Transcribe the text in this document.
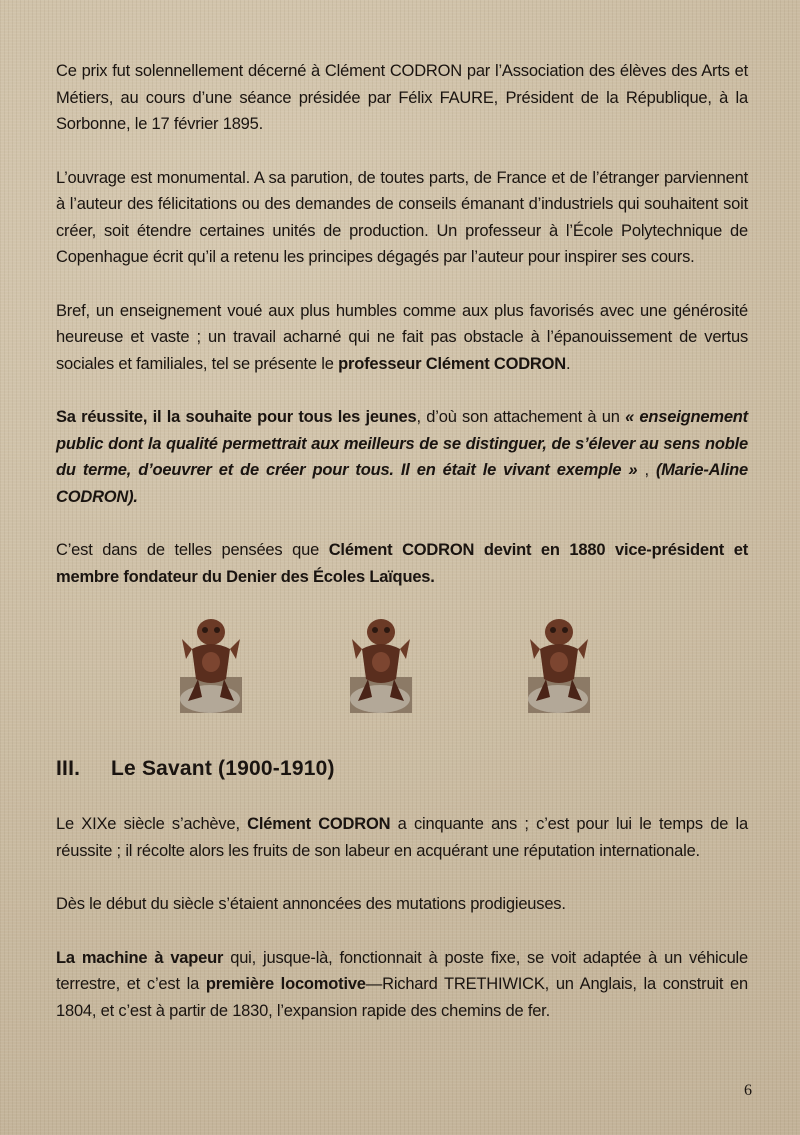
Ce prix fut solennellement décerné à Clément CODRON par l’Association des élèves des Arts et Métiers, au cours d’une séance présidée par Félix FAURE, Président de la République, à la Sorbonne, le 17 février 1895.

L’ouvrage est monumental. A sa parution, de toutes parts, de France et de l’étranger parviennent à l’auteur des félicitations ou des demandes de conseils émanant d’industriels qui souhaitent soit créer, soit étendre certaines unités de production. Un professeur à l’École Polytechnique de Copenhague écrit qu’il a retenu les principes dégagés par l’auteur pour inspirer ses cours.

Bref, un enseignement voué aux plus humbles comme aux plus favorisés avec une générosité heureuse et vaste ; un travail acharné qui ne fait pas obstacle à l’épanouissement de vertus sociales et familiales, tel se présente le professeur Clément CODRON.

Sa réussite, il la souhaite pour tous les jeunes, d’où son attachement à un « enseignement public dont la qualité permettrait aux meilleurs de se distinguer, de s’élever au sens noble du terme, d’oeuvrer et de créer pour tous. Il en était le vivant exemple » , (Marie-Aline CODRON).

C’est dans de telles pensées que Clément CODRON devint en 1880 vice-président et membre fondateur du Denier des Écoles Laïques.

III. Le Savant (1900-1910)

Le XIXe siècle s’achève, Clément CODRON a cinquante ans ; c’est pour lui le temps de la réussite ; il récolte alors les fruits de son labeur en acquérant une réputation internationale.

Dès le début du siècle s’étaient annoncées des mutations prodigieuses.

La machine à vapeur qui, jusque-là, fonctionnait à poste fixe, se voit adaptée à un véhicule terrestre, et c’est la première locomotive—Richard TRETHIWICK, un Anglais, la construit en 1804, et c’est à partir de 1830, l’expansion rapide des chemins de fer.

6
